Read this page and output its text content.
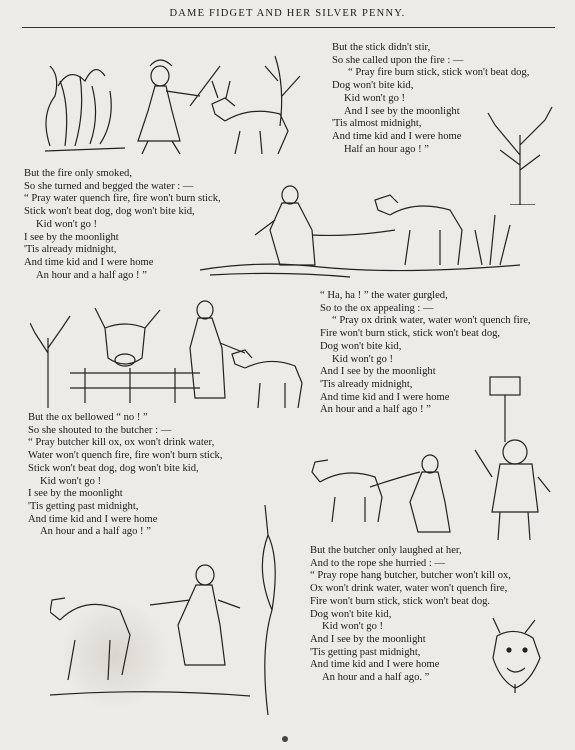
DAME FIDGET AND HER SILVER PENNY.
But the stick didn't stir,
So she called upon the fire : —
“ Pray fire burn stick, stick won't beat dog,
Dog won't bite kid,
Kid won't go !
And I see by the moonlight
'Tis almost midnight,
And time kid and I were home
Half an hour ago ! ”
But the fire only smoked,
So she turned and begged the water : —
“ Pray water quench fire, fire won't burn stick,
Stick won't beat dog, dog won't bite kid,
Kid won't go !
I see by the moonlight
'Tis already midnight,
And time kid and I were home
An hour and a half ago ! ”
“ Ha, ha ! ” the water gurgled,
So to the ox appealing : —
“ Pray ox drink water, water won't quench fire,
Fire won't burn stick, stick won't beat dog,
Dog won't bite kid,
Kid won't go !
And I see by the moonlight
'Tis already midnight,
And time kid and I were home
An hour and a half ago ! ”
But the ox bellowed “ no ! ”
So she shouted to the butcher : —
“ Pray butcher kill ox, ox won't drink water,
Water won't quench fire, fire won't burn stick,
Stick won't beat dog, dog won't bite kid,
Kid won't go !
I see by the moonlight
'Tis getting past midnight,
And time kid and I were home
An hour and a half ago ! ”
But the butcher only laughed at her,
And to the rope she hurried : —
“ Pray rope hang butcher, butcher won't kill ox,
Ox won't drink water, water won't quench fire,
Fire won't burn stick, stick won't beat dog.
Dog won't bite kid,
Kid won't go !
And I see by the moonlight
'Tis getting past midnight,
And time kid and I were home
An hour and a half ago. ”
